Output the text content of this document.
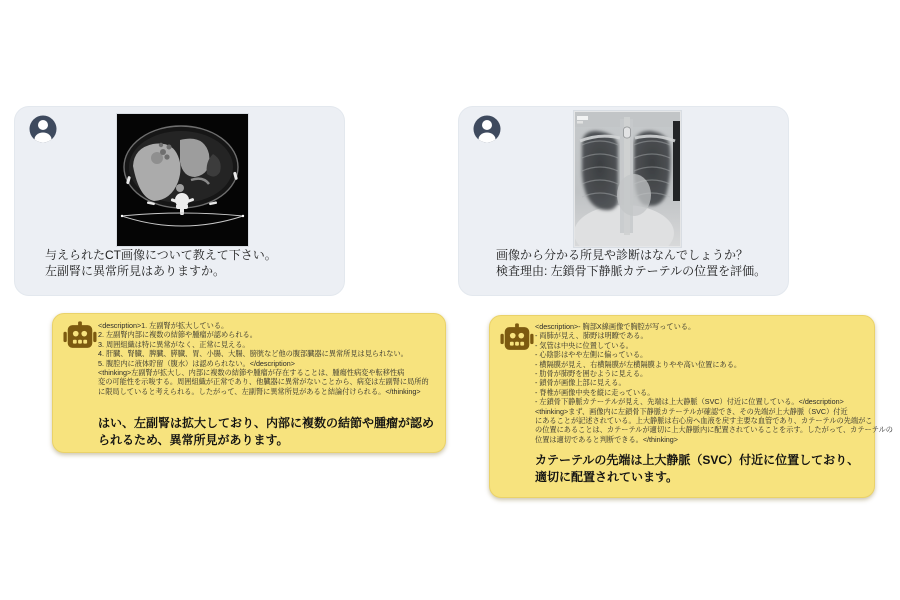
与えられたCT画像について教えて下さい。
左副腎に異常所見はありますか。
画像から分かる所見や診断はなんでしょうか？
検査理由: 左鎖骨下静脈カテーテルの位置を評価。
<description>1. 左副腎が拡大している。
2. 左副腎内部に複数の結節や腫瘤が認められる。
3. 周囲組織は特に異常がなく、正常に見える。
4. 肝臓、腎臓、脾臓、膵臓、胃、小腸、大腸、膀胱など他の腹部臓器に異常所見は見られない。
5. 腹腔内に液体貯留（腹水）は認められない。</description>
<thinking>左副腎が拡大し、内部に複数の結節や腫瘤が存在することは、腫瘍性病変や転移性病
変の可能性を示唆する。周囲組織が正常であり、他臓器に異常がないことから、病変は左副腎に局所的
に限局していると考えられる。したがって、左副腎に異常所見があると結論付けられる。</thinking>
はい、左副腎は拡大しており、内部に複数の結節や腫瘤が認められるため、異常所見があります。
<description>- 胸部X線画像で胸腔が写っている。
- 両肺が見え、肺野は明瞭である。
- 気管は中央に位置している。
- 心陰影はやや左側に偏っている。
- 横隔膜が見え、右横隔膜が左横隔膜よりやや高い位置にある。
- 肋骨が肺野を囲むように見える。
- 鎖骨が画像上部に見える。
- 脊椎が画像中央を縦に走っている。
- 左鎖骨下静脈カテーテルが見え、先端は上大静脈（SVC）付近に位置している。</description>
<thinking>まず、画像内に左鎖骨下静脈カテーテルが確認でき、その先端が上大静脈（SVC）付近
にあることが記述されている。上大静脈は右心房へ血液を戻す主要な血管であり、カテーテルの先端がこ
の位置にあることは、カテーテルが適切に上大静脈内に配置されていることを示す。したがって、カテーテルの
位置は適切であると判断できる。</thinking>
カテーテルの先端は上大静脈（SVC）付近に位置しており、適切に配置されています。
